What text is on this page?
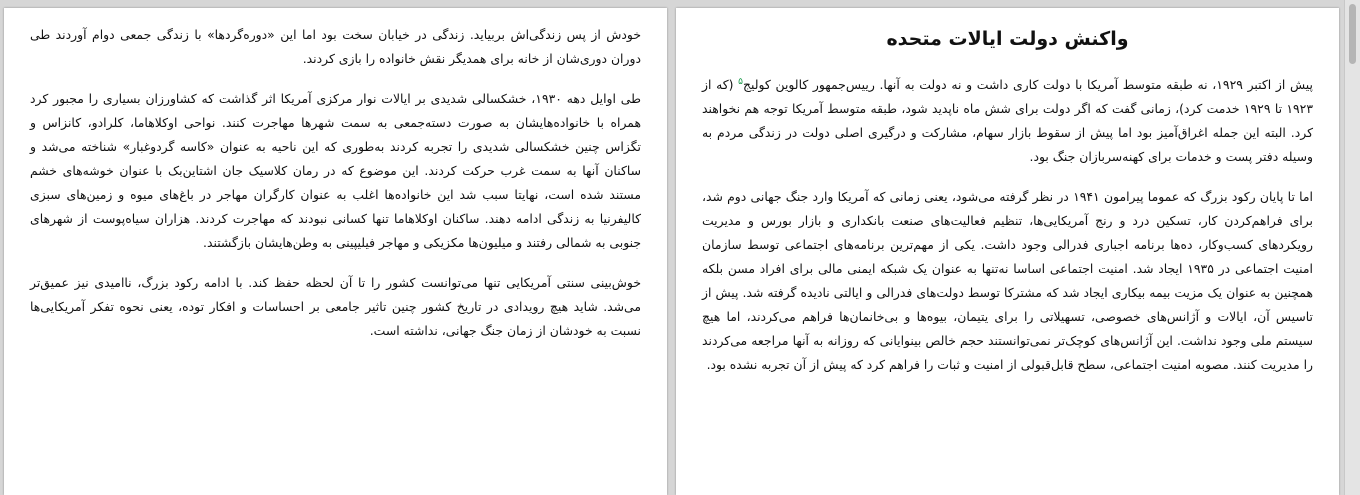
خودش از پس زندگی‌اش بربیاید. زندگی در خیابان سخت بود اما این «دوره‌گردها» با زندگی جمعی دوام آوردند طی دوران دوری‌شان از خانه برای همدیگر نقش خانواده را بازی کردند.

طی اوایل دهه ۱۹۳۰، خشکسالی شدیدی بر ایالات نوار مرکزی آمریکا اثر گذاشت که کشاورزان بسیاری را مجبور کرد همراه با خانواده‌هایشان به صورت دسته‌جمعی به سمت شهرها مهاجرت کنند. نواحی اوکلاهاما، کلرادو، کانزاس و تگزاس چنین خشکسالی شدیدی را تجربه کردند به‌طوری که این ناحیه به عنوان «کاسه گردوغبار» شناخته می‌شد و ساکنان آنها به سمت غرب حرکت کردند. این موضوع که در رمان کلاسیک جان اشتاین‌بک با عنوان خوشه‌های خشم مستند شده است، نهایتا سبب شد این خانواده‌ها اغلب به عنوان کارگران مهاجر در باغ‌های میوه و زمین‌های سبزی کالیفرنیا به زندگی ادامه دهند. ساکنان اوکلاهاما تنها کسانی نبودند که مهاجرت کردند. هزاران سیاه‌پوست از شهرهای جنوبی به شمالی رفتند و میلیون‌ها مکزیکی و مهاجر فیلیپینی به وطن‌هایشان بازگشتند.

خوش‌بینی سنتی آمریکایی تنها می‌توانست کشور را تا آن لحظه حفظ کند. با ادامه رکود بزرگ، ناامیدی نیز عمیق‌تر می‌شد. شاید هیچ رویدادی در تاریخ کشور چنین تاثیر جامعی بر احساسات و افکار توده، یعنی نحوه تفکر آمریکایی‌ها نسبت به خودشان از زمان جنگ جهانی، نداشته است.

واکنش دولت ایالات متحده

پیش از اکتبر ۱۹۲۹، نه طبقه متوسط آمریکا با دولت کاری داشت و نه دولت به آنها. رییس‌جمهور کالوین کولیج$^۵$ (که از ۱۹۲۳ تا ۱۹۲۹ خدمت کرد)، زمانی گفت که اگر دولت برای شش ماه ناپدید شود، طبقه متوسط آمریکا توجه هم نخواهند کرد. البته این جمله اغراق‌آمیز بود اما پیش از سقوط بازار سهام، مشارکت و درگیری اصلی دولت در زندگی مردم به وسیله دفتر پست و خدمات برای کهنه‌سربازان جنگ بود.

اما تا پایان رکود بزرگ که عموما پیرامون ۱۹۴۱ در نظر گرفته می‌شود، یعنی زمانی که آمریکا وارد جنگ جهانی دوم شد، برای فراهم‌کردن کار، تسکین درد و رنج آمریکایی‌ها، تنظیم فعالیت‌های صنعت بانکداری و بازار بورس و مدیریت رویکردهای کسب‌وکار، ده‌ها برنامه اجباری فدرالی وجود داشت. یکی از مهم‌ترین برنامه‌های اجتماعی توسط سازمان امنیت اجتماعی در ۱۹۳۵ ایجاد شد. امنیت اجتماعی اساسا نه‌تنها به عنوان یک شبکه ایمنی مالی برای افراد مسن بلکه همچنین به عنوان یک مزیت بیمه بیکاری ایجاد شد که مشترکا توسط دولت‌های فدرالی و ایالتی نادیده گرفته شد. پیش از تاسیس آن، ایالات و آژانس‌های خصوصی، تسهیلاتی را برای یتیمان، بیوه‌ها و بی‌خانمان‌ها فراهم می‌کردند، اما هیچ سیستم ملی وجود نداشت. این آژانس‌های کوچک‌تر نمی‌توانستند حجم خالص بینوایانی که روزانه به آنها مراجعه می‌کردند را مدیریت کنند. مصوبه امنیت اجتماعی، سطح قابل‌قبولی از امنیت و ثبات را فراهم کرد که پیش از آن تجربه نشده بود.
